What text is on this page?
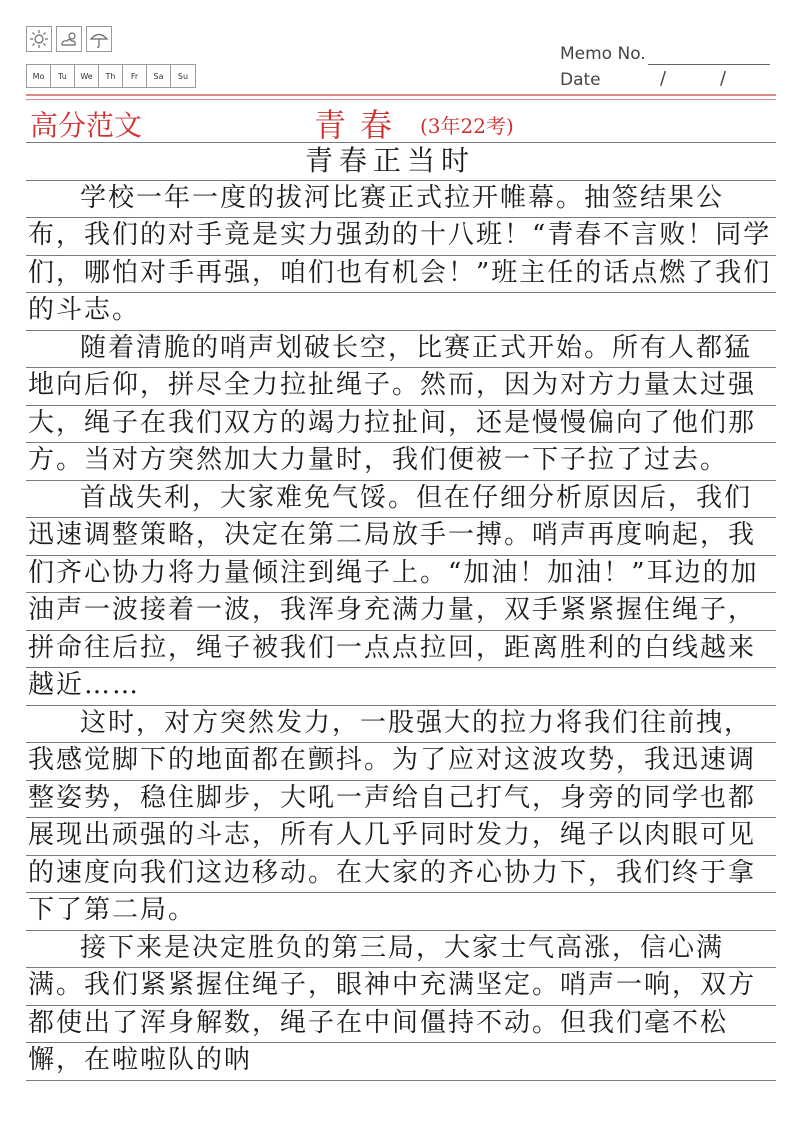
Mo	Tu	We	Th	Fr	Sa	Su
Memo No.
Date	/	/
高分范文	青春 (3年22考)
青春正当时

学校一年一度的拔河比赛正式拉开帷幕。抽签结果公布，我们的对手竟是实力强劲的十八班！“青春不言败！同学们，哪怕对手再强，咱们也有机会！”班主任的话点燃了我们的斗志。

随着清脆的哨声划破长空，比赛正式开始。所有人都猛地向后仰，拼尽全力拉扯绳子。然而，因为对方力量太过强大，绳子在我们双方的竭力拉扯间，还是慢慢偏向了他们那方。当对方突然加大力量时，我们便被一下子拉了过去。

首战失利，大家难免气馁。但在仔细分析原因后，我们迅速调整策略，决定在第二局放手一搏。哨声再度响起，我们齐心协力将力量倾注到绳子上。“加油！加油！”耳边的加油声一波接着一波，我浑身充满力量，双手紧紧握住绳子，拼命往后拉，绳子被我们一点点拉回，距离胜利的白线越来越近……

这时，对方突然发力，一股强大的拉力将我们往前拽，我感觉脚下的地面都在颤抖。为了应对这波攻势，我迅速调整姿势，稳住脚步，大吼一声给自己打气，身旁的同学也都展现出顽强的斗志，所有人几乎同时发力，绳子以肉眼可见的速度向我们这边移动。在大家的齐心协力下，我们终于拿下了第二局。

接下来是决定胜负的第三局，大家士气高涨，信心满满。我们紧紧握住绳子，眼神中充满坚定。哨声一响，双方都使出了浑身解数，绳子在中间僵持不动。但我们毫不松懈，在啦啦队的呐
